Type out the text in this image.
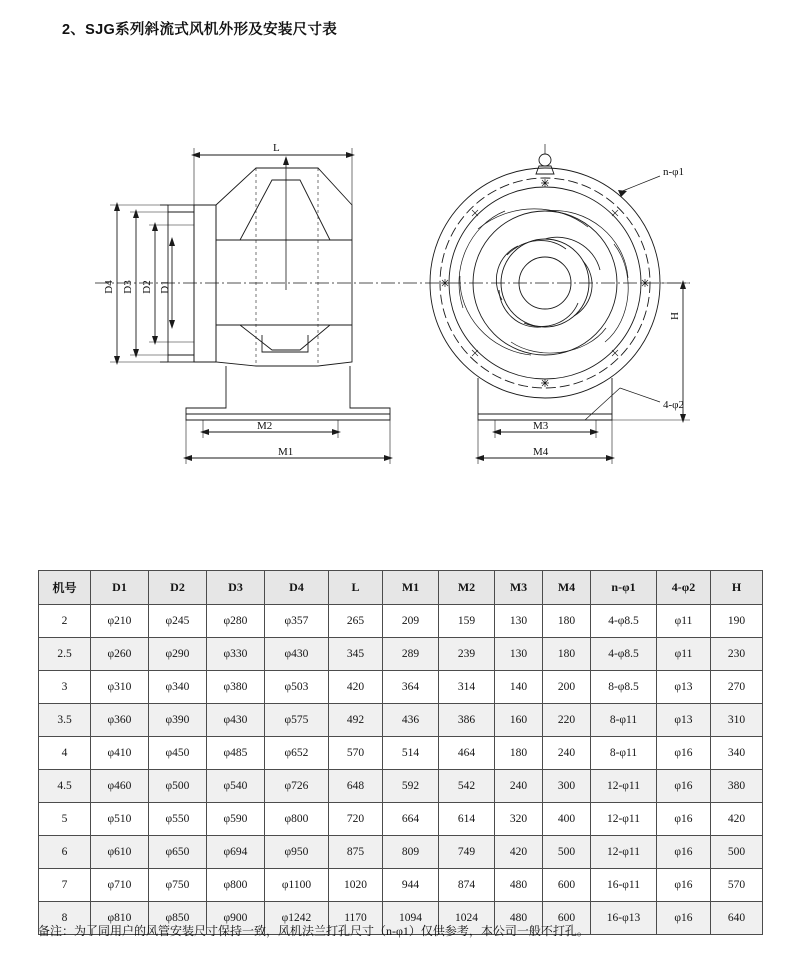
2、SJG系列斜流式风机外形及安装尺寸表
L
D4 D3 D2 D1
M2
M1
M3
M4
H
n-φ1
4-φ2
机号	D1	D2	D3	D4	L	M1	M2	M3	M4	n-φ1	4-φ2	H
2	φ210	φ245	φ280	φ357	265	209	159	130	180	4-φ8.5	φ11	190
2.5	φ260	φ290	φ330	φ430	345	289	239	130	180	4-φ8.5	φ11	230
3	φ310	φ340	φ380	φ503	420	364	314	140	200	8-φ8.5	φ13	270
3.5	φ360	φ390	φ430	φ575	492	436	386	160	220	8-φ11	φ13	310
4	φ410	φ450	φ485	φ652	570	514	464	180	240	8-φ11	φ16	340
4.5	φ460	φ500	φ540	φ726	648	592	542	240	300	12-φ11	φ16	380
5	φ510	φ550	φ590	φ800	720	664	614	320	400	12-φ11	φ16	420
6	φ610	φ650	φ694	φ950	875	809	749	420	500	12-φ11	φ16	500
7	φ710	φ750	φ800	φ1100	1020	944	874	480	600	16-φ11	φ16	570
8	φ810	φ850	φ900	φ1242	1170	1094	1024	480	600	16-φ13	φ16	640
备注：为了同用户的风管安装尺寸保持一致，风机法兰打孔尺寸（n-φ1）仅供参考，本公司一般不打孔。
